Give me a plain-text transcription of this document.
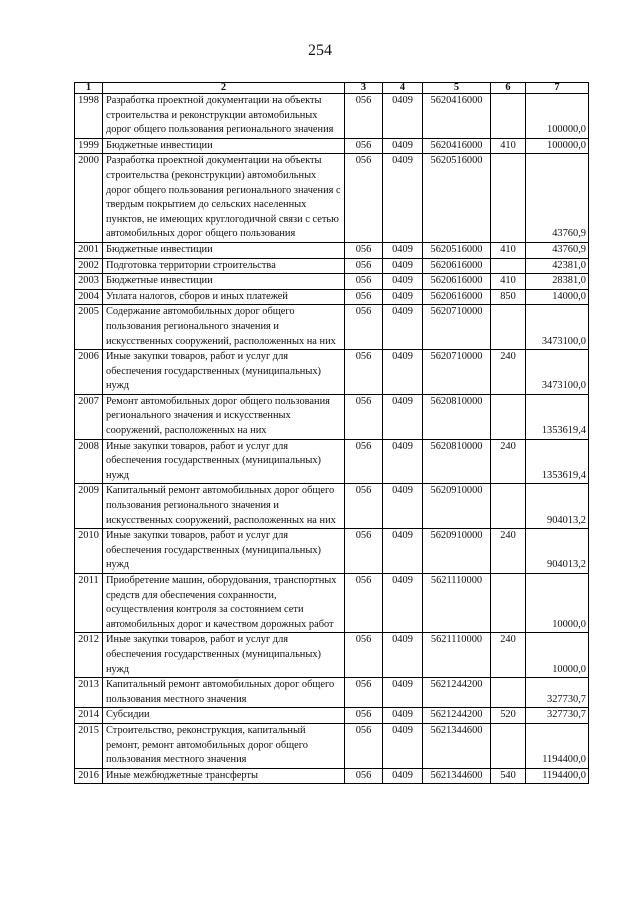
254
1	2	3	4	5	6	7
1998	Разработка проектной документации на объекты строительства и реконструкции автомобильных дорог общего пользования регионального значения	056	0409	5620416000		100000,0
1999	Бюджетные инвестиции	056	0409	5620416000	410	100000,0
2000	Разработка проектной документации на объекты строительства (реконструкции) автомобильных дорог общего пользования регионального значения с твердым покрытием до сельских населенных пунктов, не имеющих круглогодичной связи с сетью автомобильных дорог общего пользования	056	0409	5620516000		43760,9
2001	Бюджетные инвестиции	056	0409	5620516000	410	43760,9
2002	Подготовка территории строительства	056	0409	5620616000		42381,0
2003	Бюджетные инвестиции	056	0409	5620616000	410	28381,0
2004	Уплата налогов, сборов и иных платежей	056	0409	5620616000	850	14000,0
2005	Содержание автомобильных дорог общего пользования регионального значения и искусственных сооружений, расположенных на них	056	0409	5620710000		3473100,0
2006	Иные закупки товаров, работ и услуг для обеспечения государственных (муниципальных) нужд	056	0409	5620710000	240	3473100,0
2007	Ремонт автомобильных дорог общего пользования регионального значения и искусственных сооружений, расположенных на них	056	0409	5620810000		1353619,4
2008	Иные закупки товаров, работ и услуг для обеспечения государственных (муниципальных) нужд	056	0409	5620810000	240	1353619,4
2009	Капитальный ремонт автомобильных дорог общего пользования регионального значения и искусственных сооружений, расположенных на них	056	0409	5620910000		904013,2
2010	Иные закупки товаров, работ и услуг для обеспечения государственных (муниципальных) нужд	056	0409	5620910000	240	904013,2
2011	Приобретение машин, оборудования, транспортных средств для обеспечения сохранности, осуществления контроля за состоянием сети автомобильных дорог и качеством дорожных работ	056	0409	5621110000		10000,0
2012	Иные закупки товаров, работ и услуг для обеспечения государственных (муниципальных) нужд	056	0409	5621110000	240	10000,0
2013	Капитальный ремонт автомобильных дорог общего пользования местного значения	056	0409	5621244200		327730,7
2014	Субсидии	056	0409	5621244200	520	327730,7
2015	Строительство, реконструкция, капитальный ремонт, ремонт автомобильных дорог общего пользования местного значения	056	0409	5621344600		1194400,0
2016	Иные межбюджетные трансферты	056	0409	5621344600	540	1194400,0
